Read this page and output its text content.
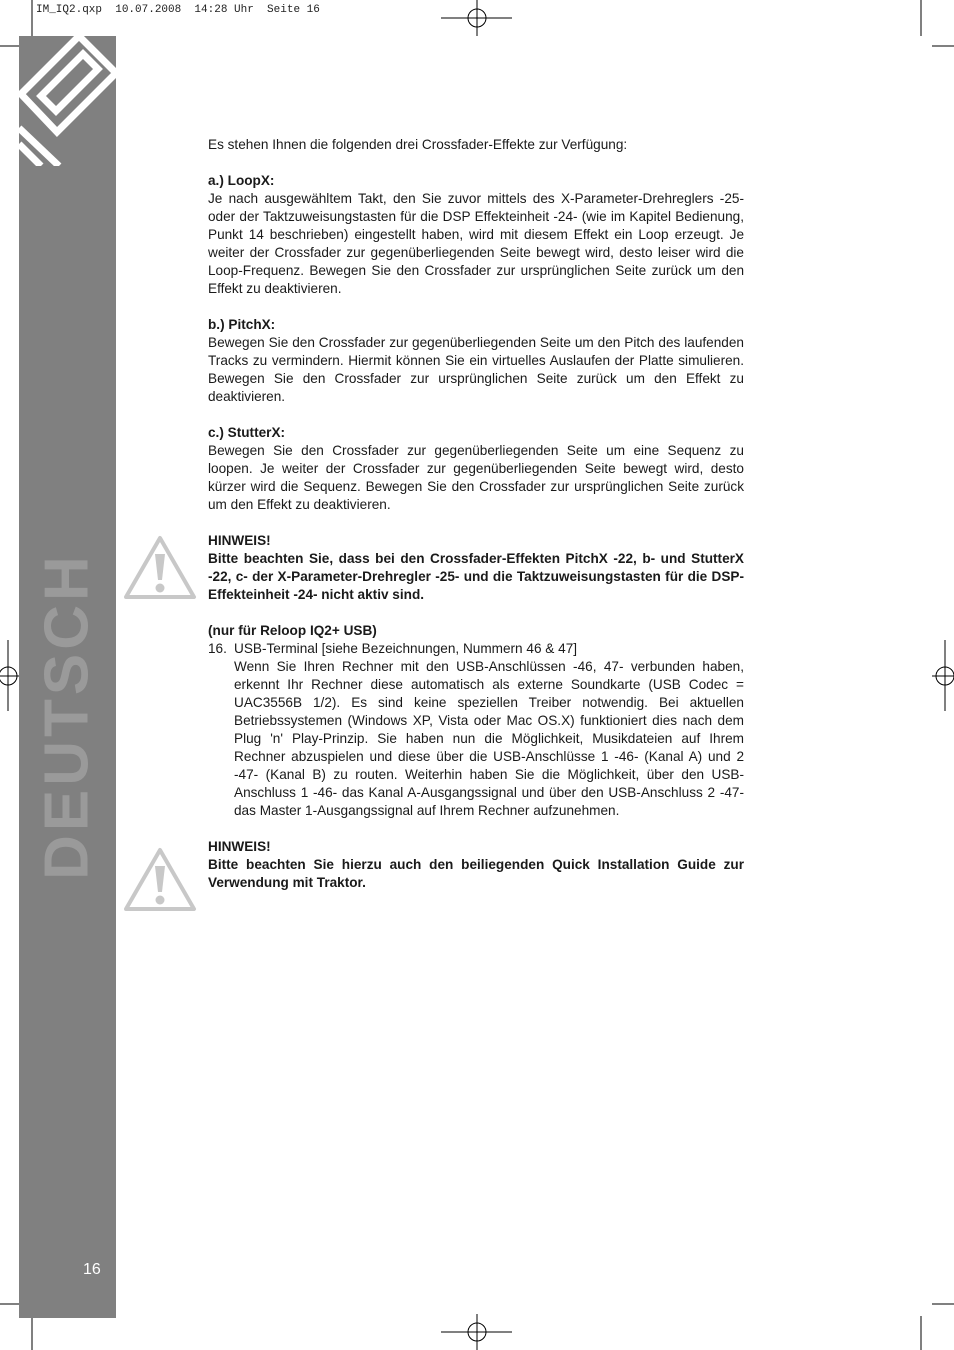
IM_IQ2.qxp  10.07.2008  14:28 Uhr  Seite 16
DEUTSCH
16

Es stehen Ihnen die folgenden drei Crossfader-Effekte zur Verfügung:

a.) LoopX:

Je nach ausgewähltem Takt, den Sie zuvor mittels des X-Parameter-Drehreglers -25- oder der Taktzuweisungstasten für die DSP Effekteinheit -24- (wie im Kapitel Bedienung, Punkt 14 beschrieben) eingestellt haben, wird mit diesem Effekt ein Loop erzeugt. Je weiter der Crossfader zur gegenüberliegenden Seite bewegt wird, desto leiser wird die Loop-Frequenz. Bewegen Sie den Crossfader zur ursprünglichen Seite zurück um den Effekt zu deaktivieren.

b.) PitchX:

Bewegen Sie den Crossfader zur gegenüberliegenden Seite um den Pitch des laufenden Tracks zu vermindern. Hiermit können Sie ein virtuelles Auslaufen der Platte simulieren. Bewegen Sie den Crossfader zur ursprünglichen Seite zurück um den Effekt zu deaktivieren.

c.) StutterX:

Bewegen Sie den Crossfader zur gegenüberliegenden Seite um eine Sequenz zu loopen. Je weiter der Crossfader zur gegenüberliegenden Seite bewegt wird, desto kürzer wird die Sequenz. Bewegen Sie den Crossfader zur ursprünglichen Seite zurück um den Effekt zu deaktivieren.

HINWEIS!

Bitte beachten Sie, dass bei den Crossfader-Effekten PitchX -22, b- und StutterX -22, c- der X-Parameter-Drehregler -25- und die Taktzuweisungstasten für die DSP-Effekteinheit -24- nicht aktiv sind.

(nur für Reloop IQ2+ USB)

16. USB-Terminal [siehe Bezeichnungen, Nummern 46 & 47]

Wenn Sie Ihren Rechner mit den USB-Anschlüssen -46, 47- verbunden haben, erkennt Ihr Rechner diese automatisch als externe Soundkarte (USB Codec = UAC3556B 1/2). Es sind keine speziellen Treiber notwendig. Bei aktuellen Betriebssystemen (Windows XP, Vista oder Mac OS.X) funktioniert dies nach dem Plug 'n' Play-Prinzip. Sie haben nun die Möglichkeit, Musikdateien auf Ihrem Rechner abzuspielen und diese über die USB-Anschlüsse 1 -46- (Kanal A) und 2 -47- (Kanal B) zu routen. Weiterhin haben Sie die Möglichkeit, über den USB-Anschluss 1 -46- das Kanal A-Ausgangssignal und über den USB-Anschluss 2 -47- das Master 1-Ausgangssignal auf Ihrem Rechner aufzunehmen.

HINWEIS!

Bitte beachten Sie hierzu auch den beiliegenden Quick Installation Guide zur Verwendung mit Traktor.
